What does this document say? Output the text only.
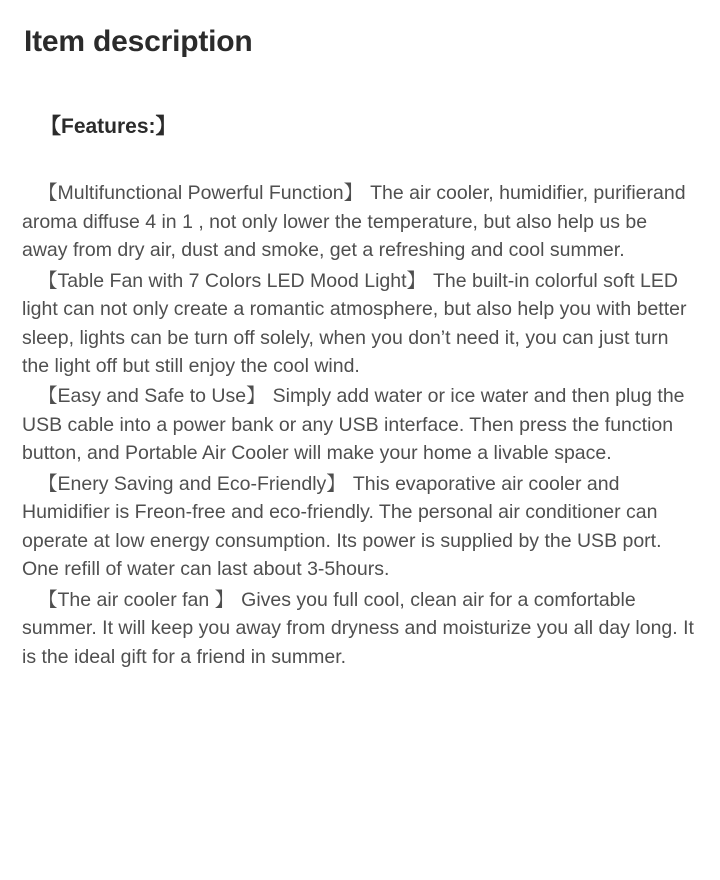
Item description
【Features:】

【Multifunctional Powerful Function】 The air cooler, humidifier, purifierand aroma diffuse 4 in 1 , not only lower the temperature, but also help us be away from dry air, dust and smoke, get a refreshing and cool summer.

【Table Fan with 7 Colors LED Mood Light】 The built-in colorful soft LED light can not only create a romantic atmosphere, but also help you with better sleep, lights can be turn off solely, when you don’t need it, you can just turn the light off but still enjoy the cool wind.

【Easy and Safe to Use】 Simply add water or ice water and then plug the USB cable into a power bank or any USB interface. Then press the function button, and Portable Air Cooler will make your home a livable space.

【Enery Saving and Eco-Friendly】 This evaporative air cooler and Humidifier is Freon-free and eco-friendly. The personal air conditioner can operate at low energy consumption. Its power is supplied by the USB port. One refill of water can last about 3-5hours.

【The air cooler fan 】 Gives you full cool, clean air for a comfortable summer. It will keep you away from dryness and moisturize you all day long. It is the ideal gift for a friend in summer.
